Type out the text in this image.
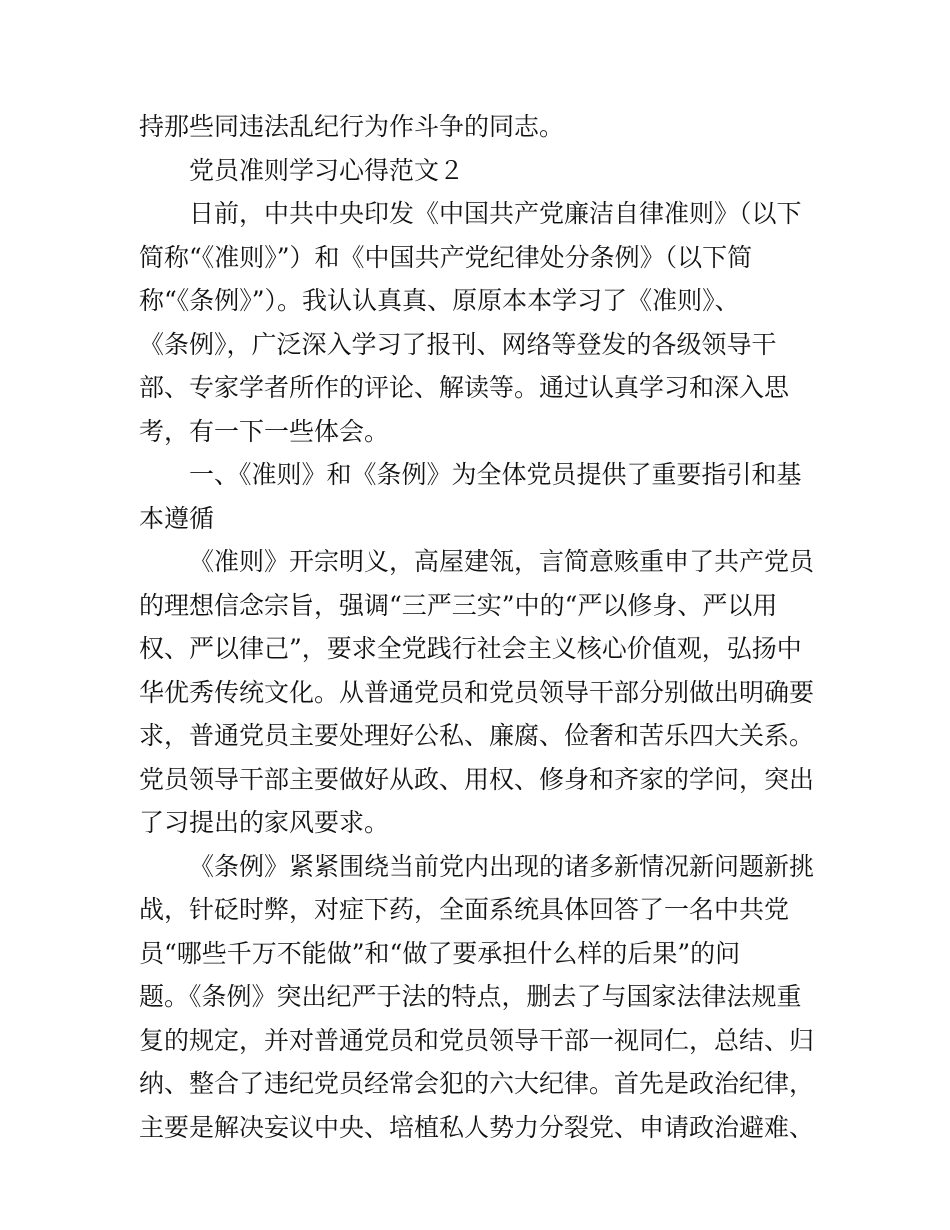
持那些同违法乱纪行为作斗争的同志。
党员准则学习心得范文２
日前，中共中央印发《中国共产党廉洁自律准则》（以下
简称“《准则》”）和《中国共产党纪律处分条例》（以下简
称“《条例》”）。我认认真真、原原本本学习了《准则》、
《条例》，广泛深入学习了报刊、网络等登发的各级领导干
部、专家学者所作的评论、解读等。通过认真学习和深入思
考，有一下一些体会。
一、《准则》和《条例》为全体党员提供了重要指引和基
本遵循
《准则》开宗明义，高屋建瓴，言简意赅重申了共产党员
的理想信念宗旨，强调“三严三实”中的“严以修身、严以用
权、严以律己”，要求全党践行社会主义核心价值观，弘扬中
华优秀传统文化。从普通党员和党员领导干部分别做出明确要
求，普通党员主要处理好公私、廉腐、俭奢和苦乐四大关系。
党员领导干部主要做好从政、用权、修身和齐家的学问，突出
了习提出的家风要求。
《条例》紧紧围绕当前党内出现的诸多新情况新问题新挑
战，针砭时弊，对症下药，全面系统具体回答了一名中共党
员“哪些千万不能做”和“做了要承担什么样的后果”的问
题。《条例》突出纪严于法的特点，删去了与国家法律法规重
复的规定，并对普通党员和党员领导干部一视同仁，总结、归
纳、整合了违纪党员经常会犯的六大纪律。首先是政治纪律，
主要是解决妄议中央、培植私人势力分裂党、申请政治避难、
